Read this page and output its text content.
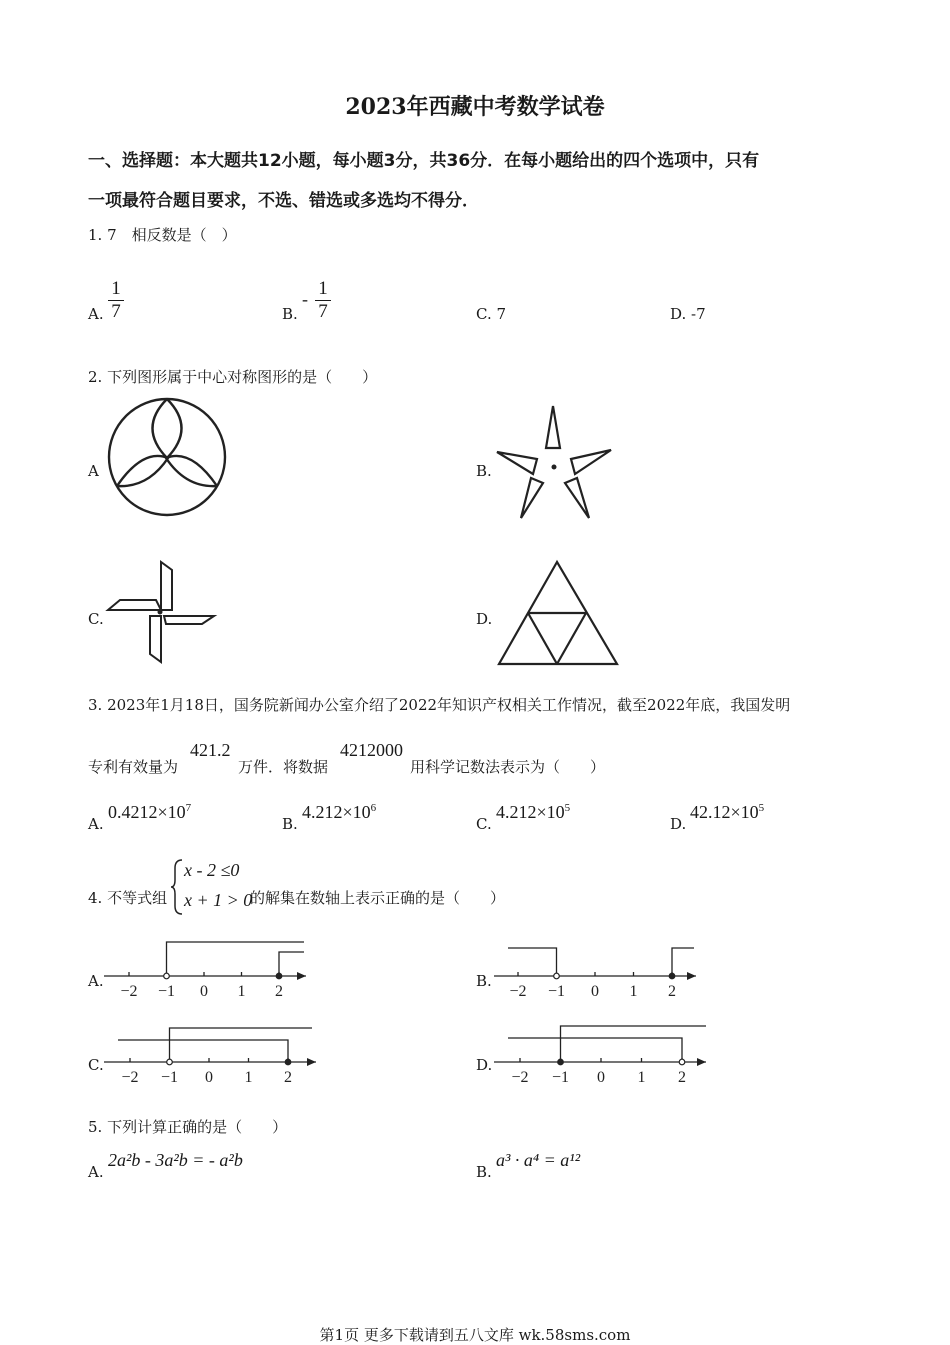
2023年西藏中考数学试卷
一、选择题：本大题共12小题，每小题3分，共36分．在每小题给出的四个选项中，只有
一项最符合题目要求，不选、错选或多选均不得分．
1. 7　相反数是（　）
A.
1
7	B.
- 1
7	C. 7	D. -7
2. 下列图形属于中心对称图形的是（　　）
A	B.
C.	D.
3. 2023年1月18日，国务院新闻办公室介绍了2022年知识产权相关工作情况，截至2022年底，我国发明
专利有效量为
421.2
万件．将数据
4212000
用科学记数法表示为（　　）
A.
$0.4212\times 10^7$
B.
$4.212\times 10^6$
C.
$4.212\times 10^5$
D.
$42.12\times 10^5$
4. 不等式组
x - 2 ≤0
x + 1 > 0
的解集在数轴上表示正确的是（　　）
A.
−2 −1 0 1 2
B.
−2 −1 0 1 2
C.
−2 −1 0 1 2
D.
−2 −1 0 1 2
5. 下列计算正确的是（　　）
A.
2a²b - 3a²b = - a²b
B.
a³ · a⁴ = a¹²
第1页 更多下载请到五八文库 wk.58sms.com
